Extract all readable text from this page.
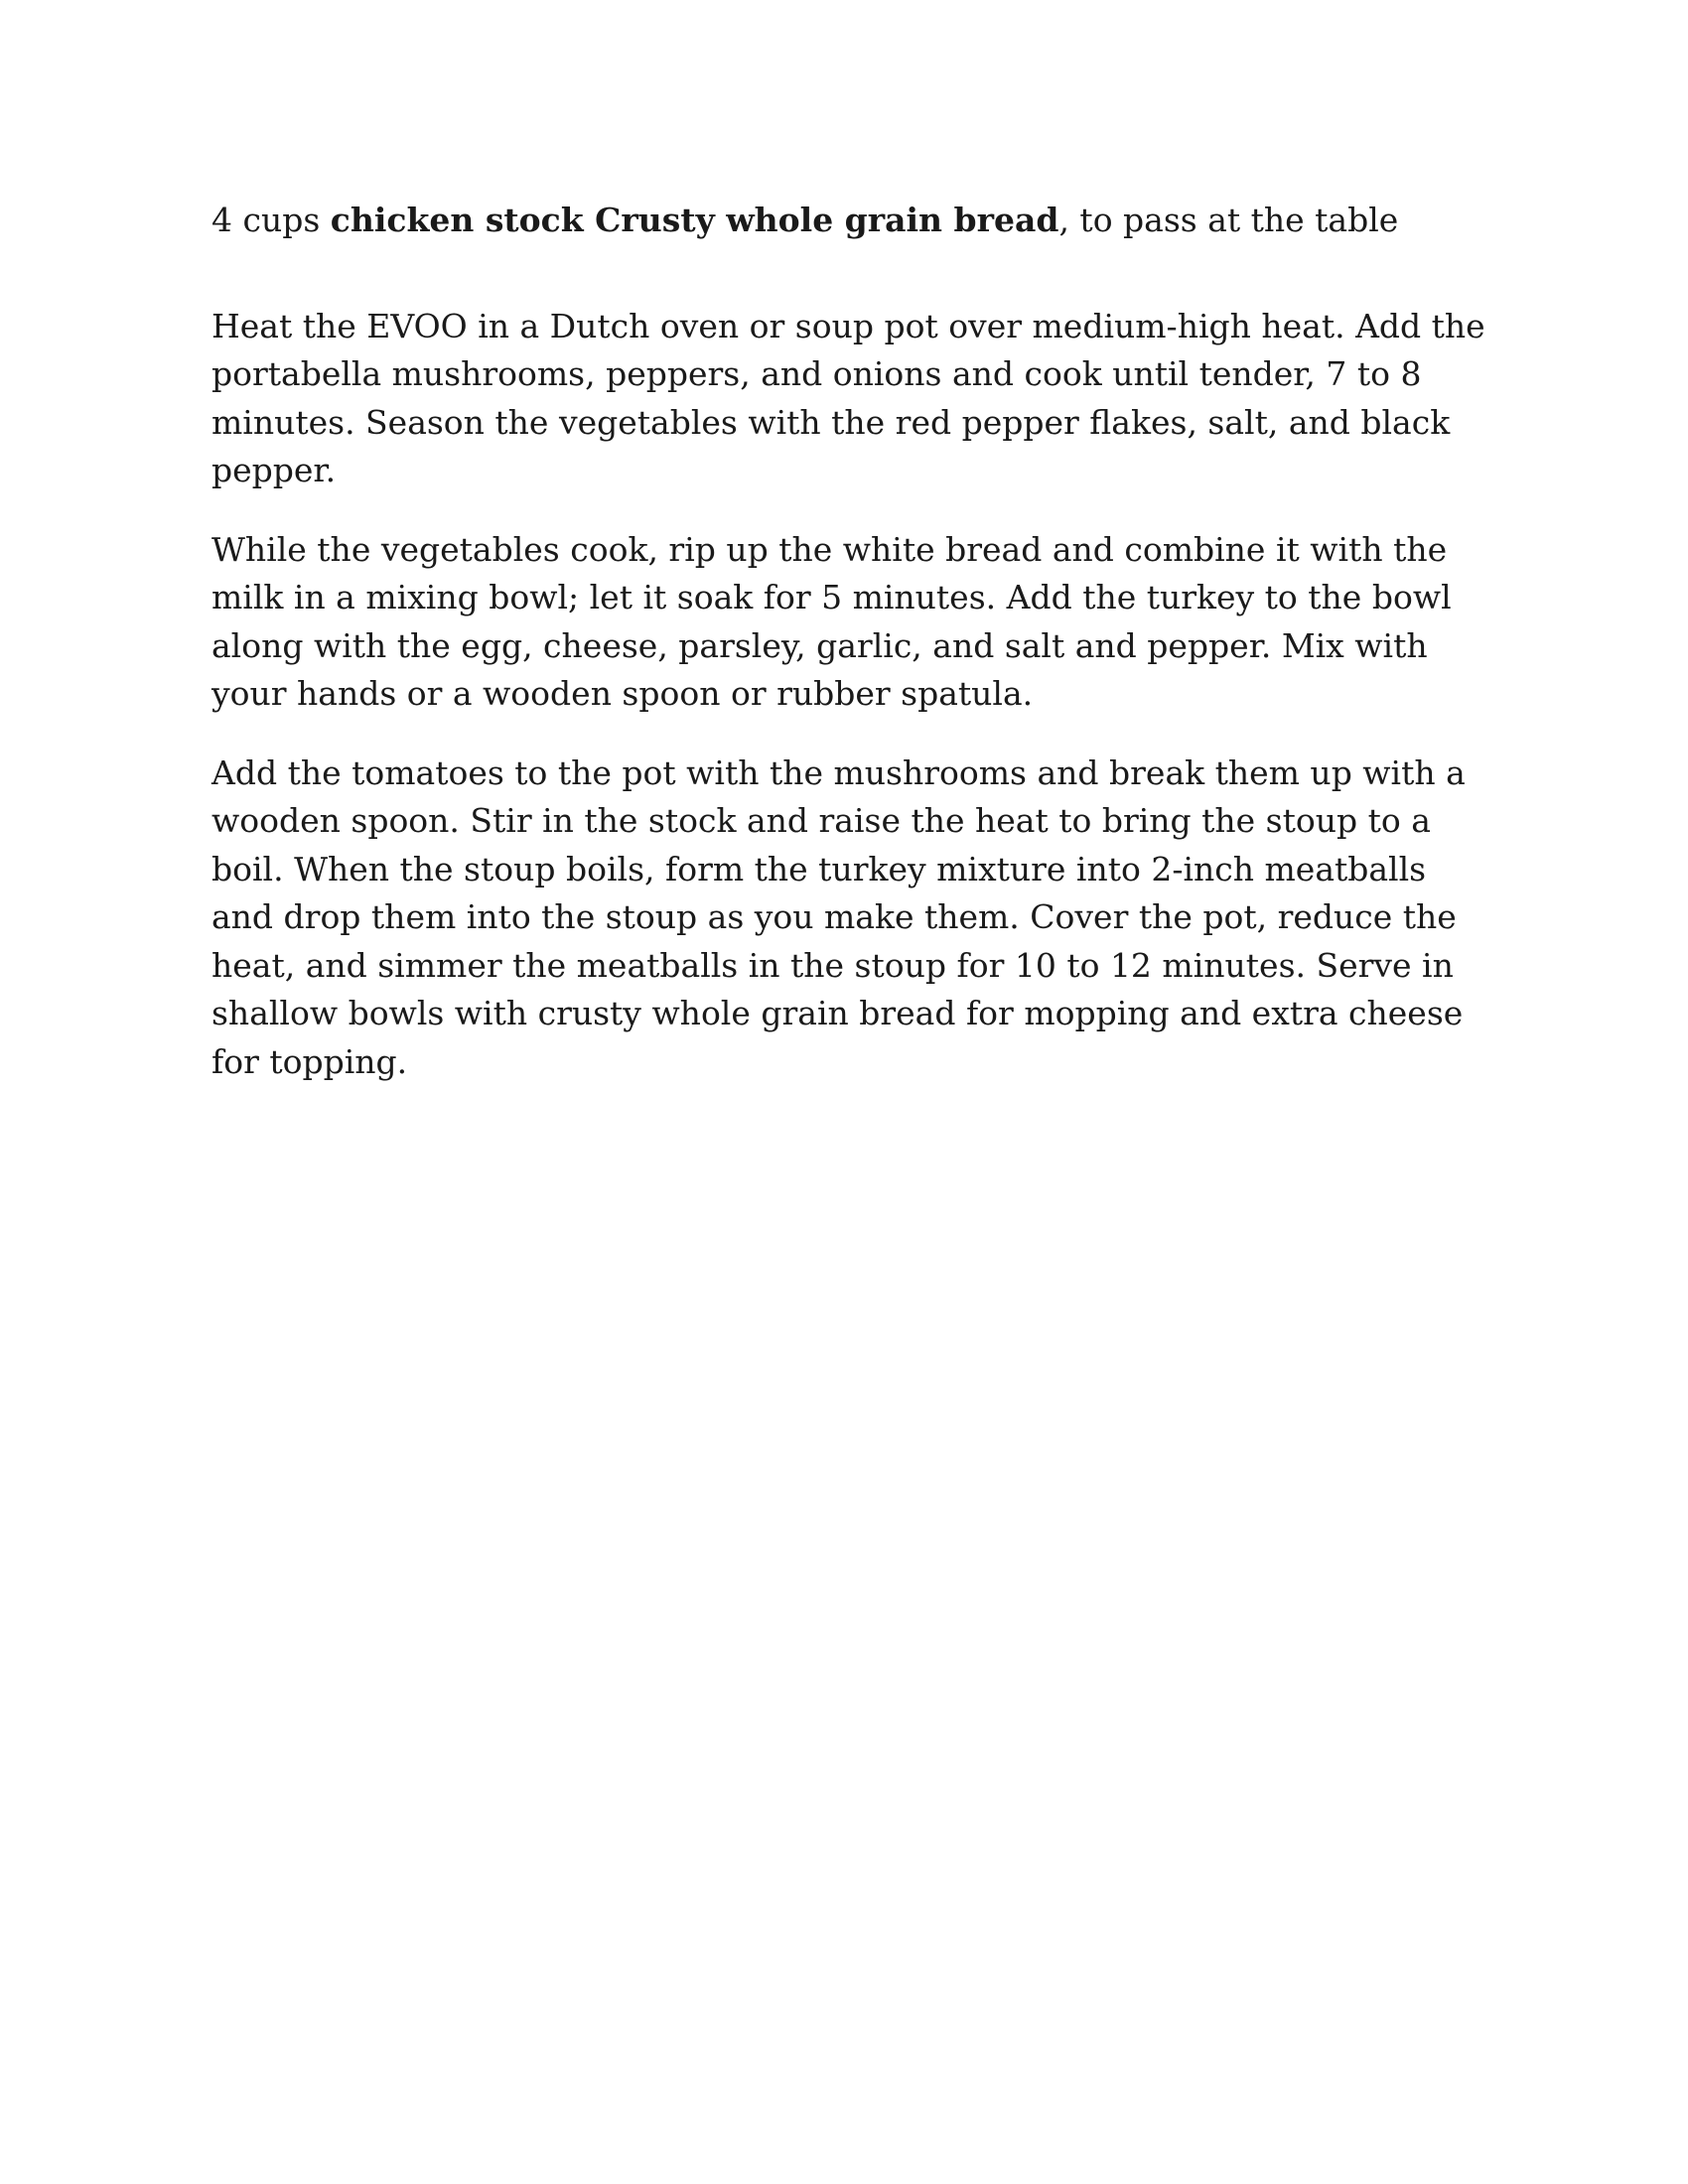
4 cups chicken stock Crusty whole grain bread, to pass at the table

Heat the EVOO in a Dutch oven or soup pot over medium-high heat. Add the portabella mushrooms, peppers, and onions and cook until tender, 7 to 8 minutes. Season the vegetables with the red pepper flakes, salt, and black pepper.

While the vegetables cook, rip up the white bread and combine it with the milk in a mixing bowl; let it soak for 5 minutes. Add the turkey to the bowl along with the egg, cheese, parsley, garlic, and salt and pepper. Mix with your hands or a wooden spoon or rubber spatula.

Add the tomatoes to the pot with the mushrooms and break them up with a wooden spoon. Stir in the stock and raise the heat to bring the stoup to a boil. When the stoup boils, form the turkey mixture into 2-inch meatballs and drop them into the stoup as you make them. Cover the pot, reduce the heat, and simmer the meatballs in the stoup for 10 to 12 minutes. Serve in shallow bowls with crusty whole grain bread for mopping and extra cheese for topping.
